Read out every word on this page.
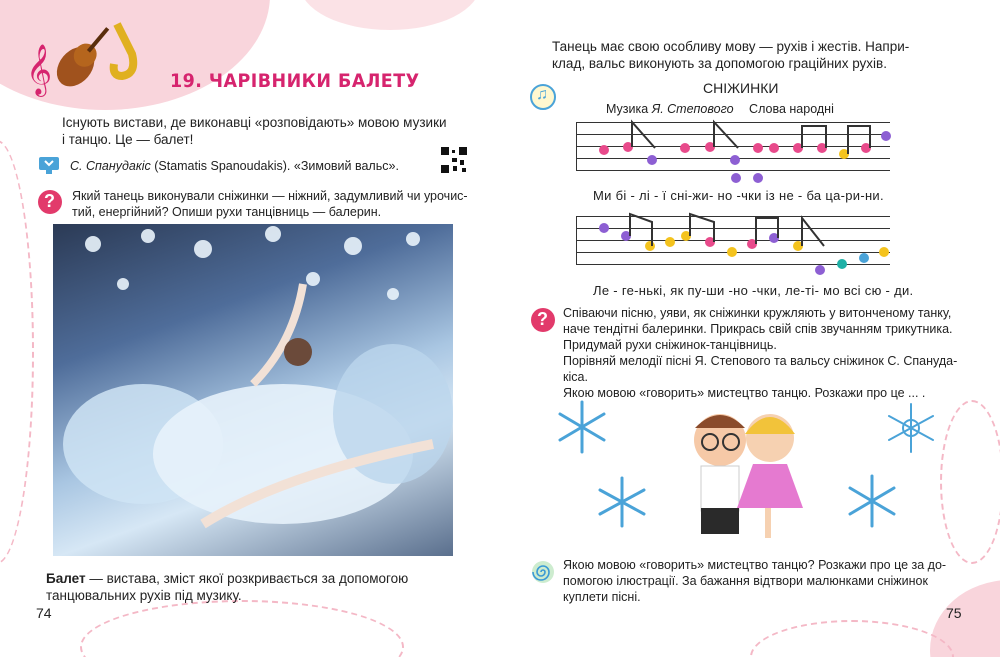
𝄞	19. ЧАРІВНИКИ БАЛЕТУ
Існують вистави, де виконавці «розповідають» мовою музики
і танцю. Це — балет!
С. Спанудакіс (Stamatis Spanoudakis). «Зимовий вальс».
? Який танець виконували сніжинки — ніжний, задумливий чи урочис-
тий, енергійний? Опиши рухи танцівниць — балерин.
Балет — вистава, зміст якої розкривається за допомогою
танцювальних рухів під музику.
74
Танець має свою особливу мову — рухів і жестів. Напри-
клад, вальс виконують за допомогою граційних рухів.
♫	СНІЖИНКИ
Музика Я. Степового Слова народні
Ми бі - лі - ї сні-жи- но -чки із не - ба ца-ри-ни.
Ле - ге-нькі, як пу-ши -но -чки, ле-ті- мо всі сю - ди.
? Співаючи пісню, уяви, як сніжинки кружляють у витонченому танку,
наче тендітні балеринки. Прикрась свій спів звучанням трикутника.
Придумай рухи сніжинок-танцівниць.
Порівняй мелодії пісні Я. Степового та вальсу сніжинок С. Спануда-
кіса.
Якою мовою «говорить» мистецтво танцю. Розкажи про це ... .
Якою мовою «говорить» мистецтво танцю? Розкажи про це за до-
помогою ілюстрації. За бажання відтвори малюнками сніжинок
куплети пісні.
75
